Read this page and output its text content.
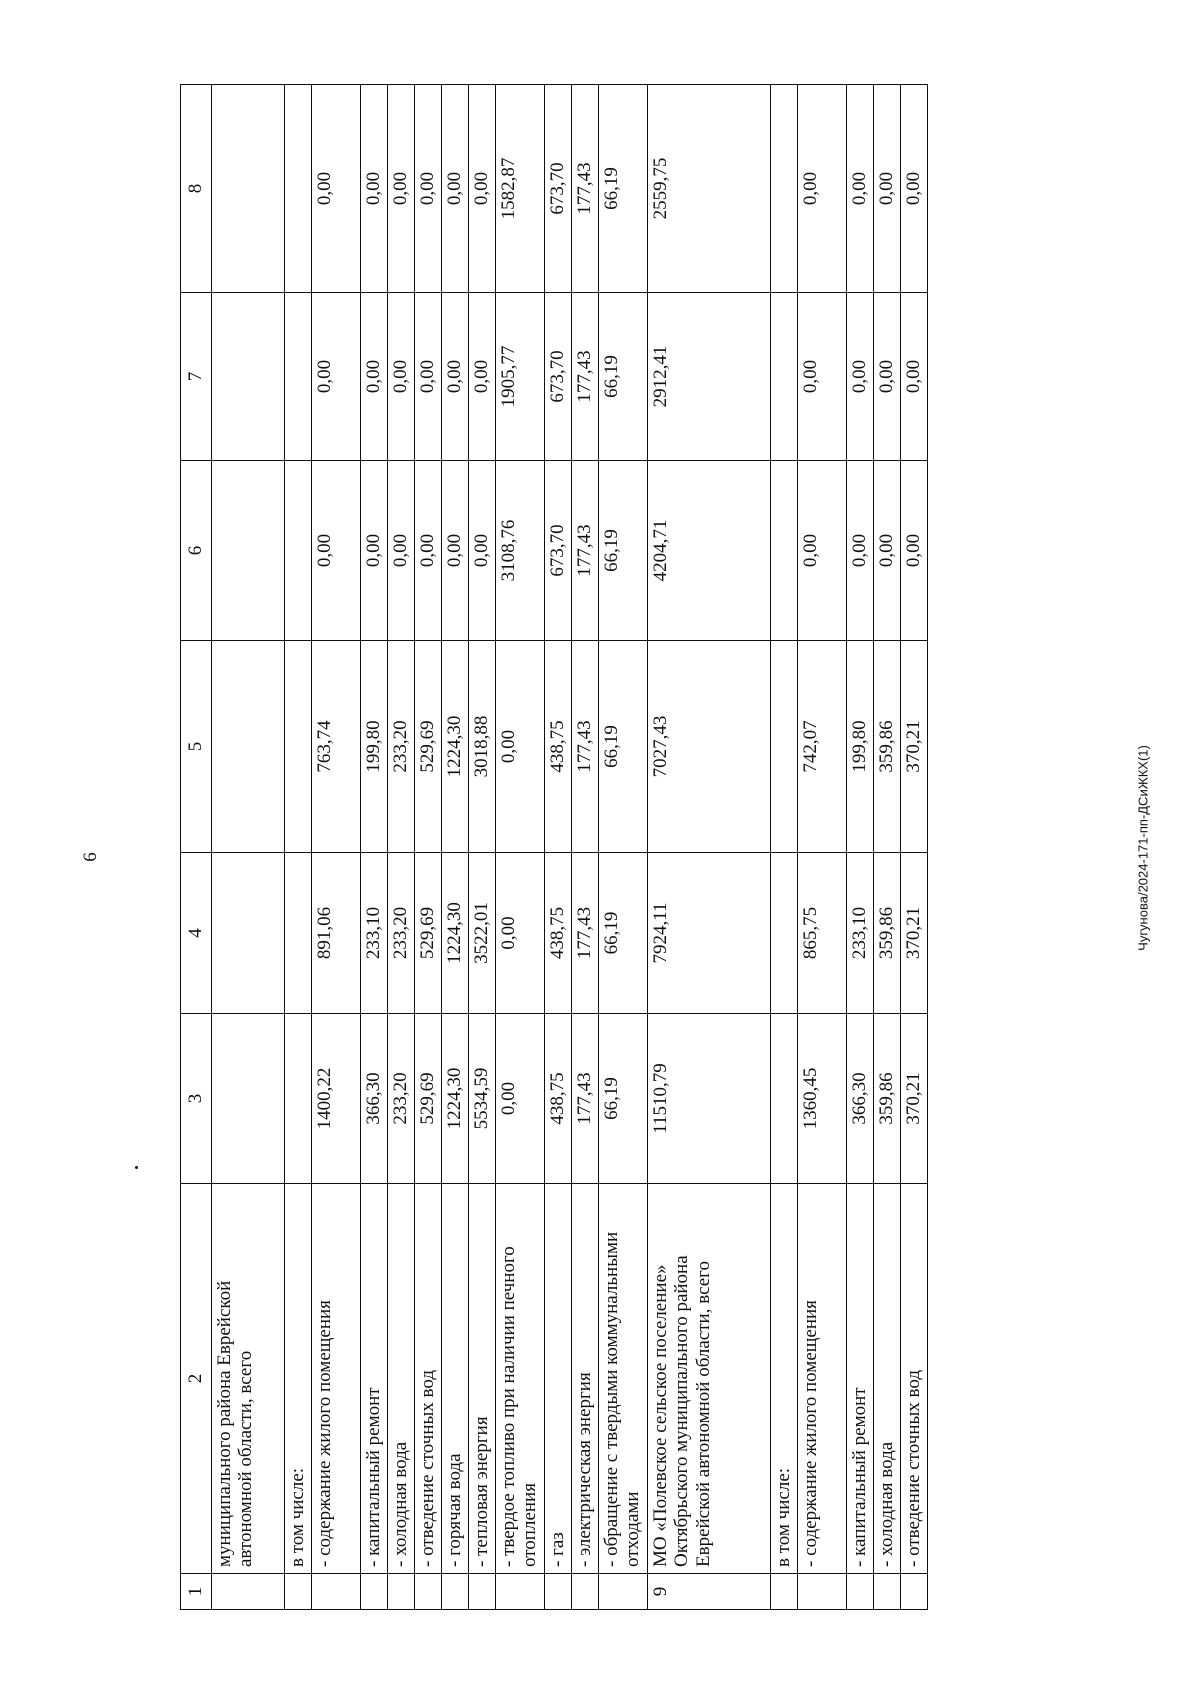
6	Чугунова/2024-171-пп-ДСиЖКХ(1)
1	2	3	4	5	6	7	8
	муниципального района Еврейской автономной области, всего						
	в том числе:						
	- содержание жилого помещения	1400,22	891,06	763,74	0,00	0,00	0,00
	- капитальный ремонт	366,30	233,10	199,80	0,00	0,00	0,00
	- холодная вода	233,20	233,20	233,20	0,00	0,00	0,00
	- отведение сточных вод	529,69	529,69	529,69	0,00	0,00	0,00
	- горячая вода	1224,30	1224,30	1224,30	0,00	0,00	0,00
	- тепловая энергия	5534,59	3522,01	3018,88	0,00	0,00	0,00
	- твердое топливо при наличии печного отопления	0,00	0,00	0,00	3108,76	1905,77	1582,87
	- газ	438,75	438,75	438,75	673,70	673,70	673,70
	- электрическая энергия	177,43	177,43	177,43	177,43	177,43	177,43
	- обращение с твердыми коммунальными отходами	66,19	66,19	66,19	66,19	66,19	66,19
9	МО «Полевское сельское поселение» Октябрьского муниципального района Еврейской автономной области, всего	11510,79	7924,11	7027,43	4204,71	2912,41	2559,75
	в том числе:						
	- содержание жилого помещения	1360,45	865,75	742,07	0,00	0,00	0,00
	- капитальный ремонт	366,30	233,10	199,80	0,00	0,00	0,00
	- холодная вода	359,86	359,86	359,86	0,00	0,00	0,00
	- отведение сточных вод	370,21	370,21	370,21	0,00	0,00	0,00
